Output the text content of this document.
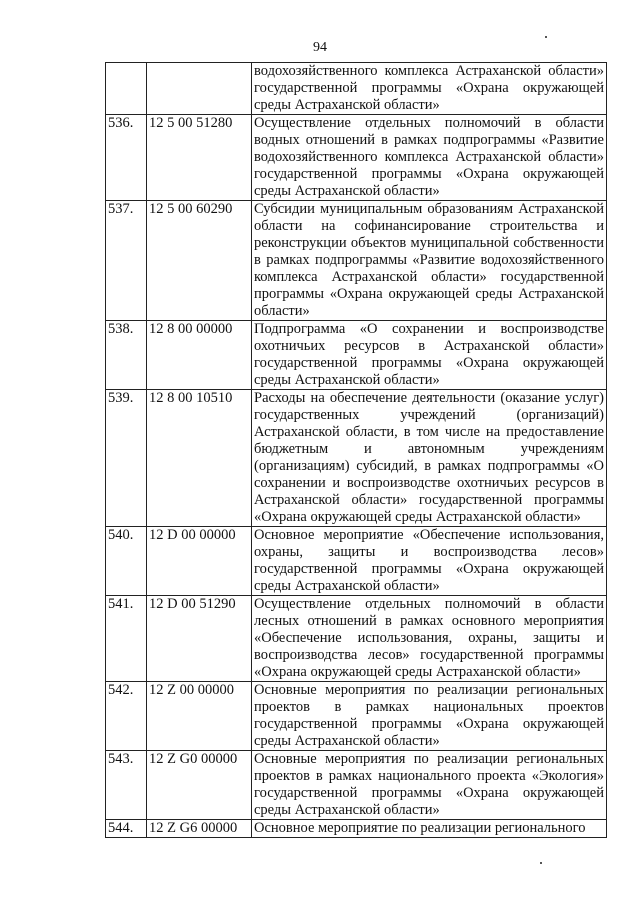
94
		водохозяйственного комплекса Астраханской области» государственной программы «Охрана окружающей среды Астраханской области»
536.	12 5 00 51280	Осуществление отдельных полномочий в области водных отношений в рамках подпрограммы «Развитие водохозяйственного комплекса Астраханской области» государственной программы «Охрана окружающей среды Астраханской области»
537.	12 5 00 60290	Субсидии муниципальным образованиям Астраханской области на софинансирование строительства и реконструкции объектов муниципальной собственности в рамках подпрограммы «Развитие водохозяйственного комплекса Астраханской области» государственной программы «Охрана окружающей среды Астраханской области»
538.	12 8 00 00000	Подпрограмма «О сохранении и воспроизводстве охотничьих ресурсов в Астраханской области» государственной программы «Охрана окружающей среды Астраханской области»
539.	12 8 00 10510	Расходы на обеспечение деятельности (оказание услуг) государственных учреждений (организаций) Астраханской области, в том числе на предоставление бюджетным и автономным учреждениям (организациям) субсидий, в рамках подпрограммы «О сохранении и воспроизводстве охотничьих ресурсов в Астраханской области» государственной программы «Охрана окружающей среды Астраханской области»
540.	12 D 00 00000	Основное мероприятие «Обеспечение использования, охраны, защиты и воспроизводства лесов» государственной программы «Охрана окружающей среды Астраханской области»
541.	12 D 00 51290	Осуществление отдельных полномочий в области лесных отношений в рамках основного мероприятия «Обеспечение использования, охраны, защиты и воспроизводства лесов» государственной программы «Охрана окружающей среды Астраханской области»
542.	12 Z 00 00000	Основные мероприятия по реализации региональных проектов в рамках национальных проектов государственной программы «Охрана окружающей среды Астраханской области»
543.	12 Z G0 00000	Основные мероприятия по реализации региональных проектов в рамках национального проекта «Экология» государственной программы «Охрана окружающей среды Астраханской области»
544.	12 Z G6 00000	Основное мероприятие по реализации регионального
